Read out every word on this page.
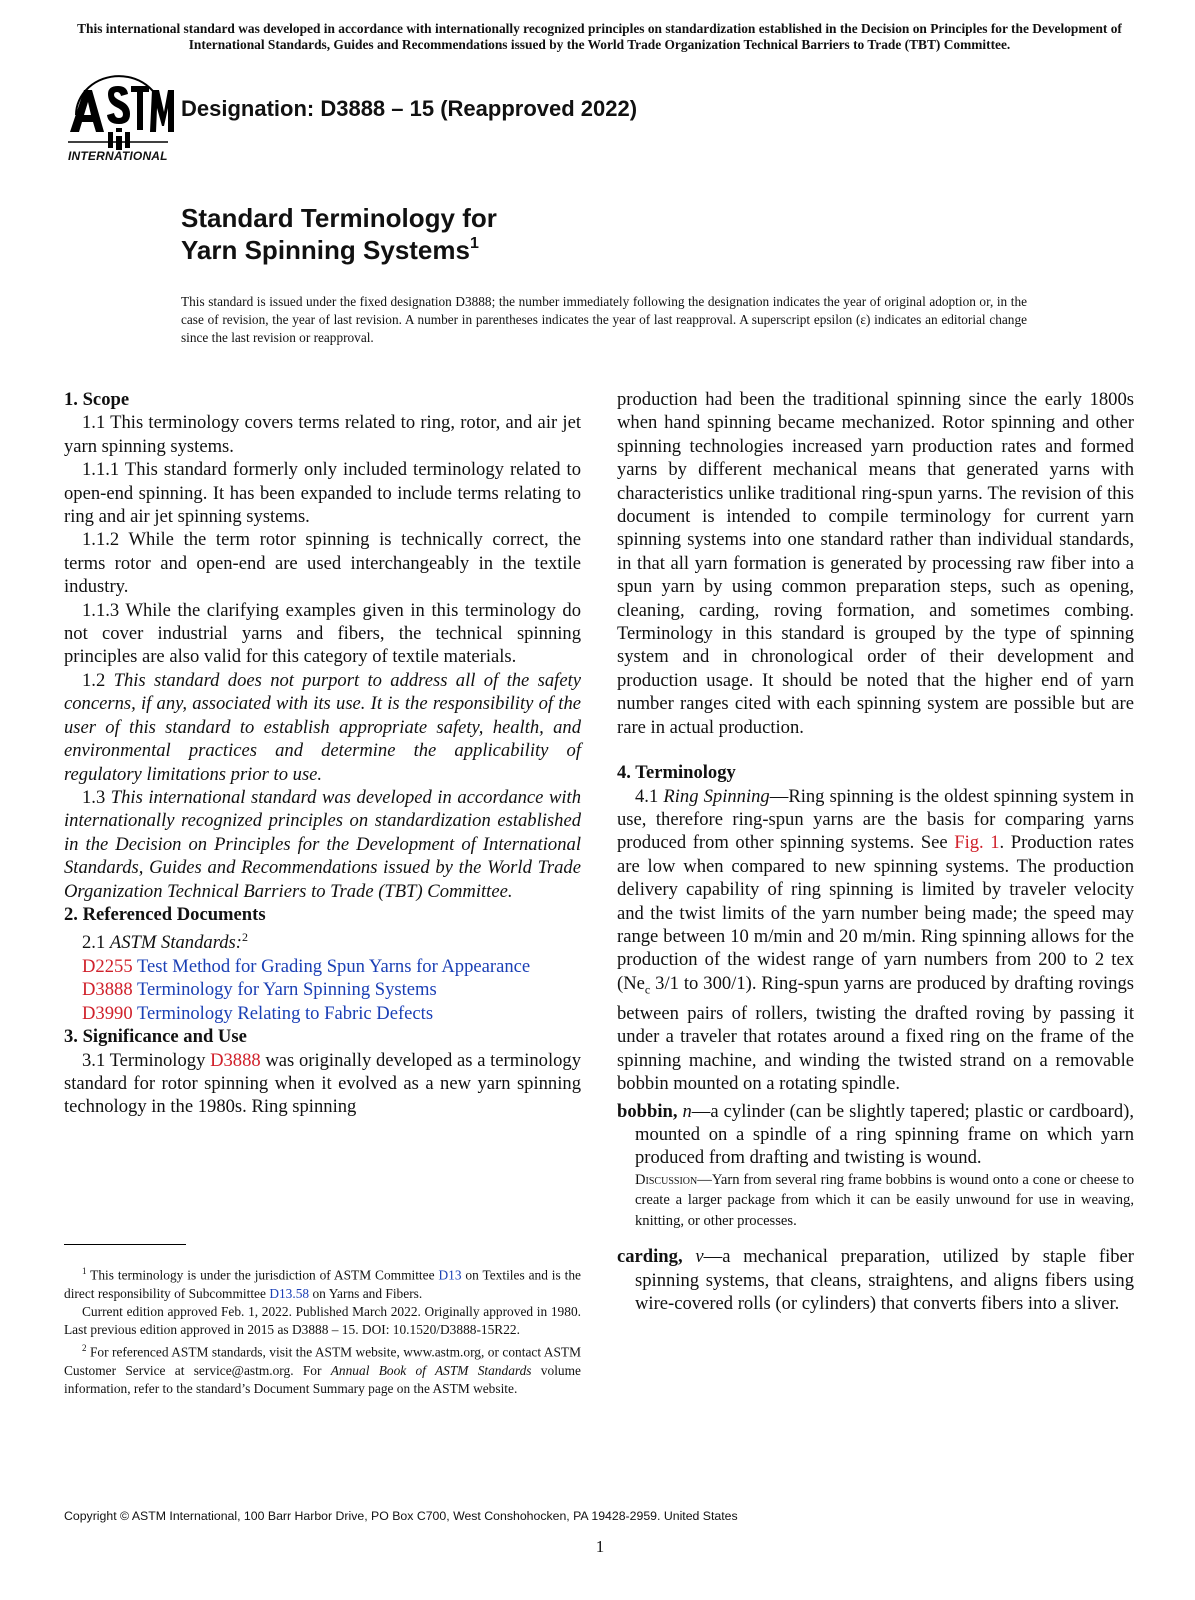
This international standard was developed in accordance with internationally recognized principles on standardization established in the Decision on Principles for the Development of International Standards, Guides and Recommendations issued by the World Trade Organization Technical Barriers to Trade (TBT) Committee.
INTERNATIONAL
Designation: D3888 – 15 (Reapproved 2022)
Standard Terminology for
Yarn Spinning Systems$^1$
This standard is issued under the fixed designation D3888; the number immediately following the designation indicates the year of original adoption or, in the case of revision, the year of last revision. A number in parentheses indicates the year of last reapproval. A superscript epsilon (ε) indicates an editorial change since the last revision or reapproval.

1. Scope

1.1 This terminology covers terms related to ring, rotor, and air jet yarn spinning systems.

1.1.1 This standard formerly only included terminology related to open-end spinning. It has been expanded to include terms relating to ring and air jet spinning systems.

1.1.2 While the term rotor spinning is technically correct, the terms rotor and open-end are used interchangeably in the textile industry.

1.1.3 While the clarifying examples given in this terminology do not cover industrial yarns and fibers, the technical spinning principles are also valid for this category of textile materials.

1.2 This standard does not purport to address all of the safety concerns, if any, associated with its use. It is the responsibility of the user of this standard to establish appropriate safety, health, and environmental practices and determine the applicability of regulatory limitations prior to use.

1.3 This international standard was developed in accordance with internationally recognized principles on standardization established in the Decision on Principles for the Development of International Standards, Guides and Recommendations issued by the World Trade Organization Technical Barriers to Trade (TBT) Committee.

2. Referenced Documents

2.1 ASTM Standards:$^2$

D2255 Test Method for Grading Spun Yarns for Appearance

D3888 Terminology for Yarn Spinning Systems

D3990 Terminology Relating to Fabric Defects

3. Significance and Use

3.1 Terminology D3888 was originally developed as a terminology standard for rotor spinning when it evolved as a new yarn spinning technology in the 1980s. Ring spinning

production had been the traditional spinning since the early 1800s when hand spinning became mechanized. Rotor spinning and other spinning technologies increased yarn production rates and formed yarns by different mechanical means that generated yarns with characteristics unlike traditional ring-spun yarns. The revision of this document is intended to compile terminology for current yarn spinning systems into one standard rather than individual standards, in that all yarn formation is generated by processing raw fiber into a spun yarn by using common preparation steps, such as opening, cleaning, carding, roving formation, and sometimes combing. Terminology in this standard is grouped by the type of spinning system and in chronological order of their development and production usage. It should be noted that the higher end of yarn number ranges cited with each spinning system are possible but are rare in actual production.

4. Terminology

4.1 Ring Spinning—Ring spinning is the oldest spinning system in use, therefore ring-spun yarns are the basis for comparing yarns produced from other spinning systems. See Fig. 1. Production rates are low when compared to new spinning systems. The production delivery capability of ring spinning is limited by traveler velocity and the twist limits of the yarn number being made; the speed may range between 10 m/min and 20 m/min. Ring spinning allows for the production of the widest range of yarn numbers from 200 to 2 tex ($Ne_c$ 3/1 to 300/1). Ring-spun yarns are produced by drafting rovings between pairs of rollers, twisting the drafted roving by passing it under a traveler that rotates around a fixed ring on the frame of the spinning machine, and winding the twisted strand on a removable bobbin mounted on a rotating spindle.

bobbin, n—a cylinder (can be slightly tapered; plastic or cardboard), mounted on a spindle of a ring spinning frame on which yarn produced from drafting and twisting is wound.

Discussion—Yarn from several ring frame bobbins is wound onto a cone or cheese to create a larger package from which it can be easily unwound for use in weaving, knitting, or other processes.

carding, v—a mechanical preparation, utilized by staple fiber spinning systems, that cleans, straightens, and aligns fibers using wire-covered rolls (or cylinders) that converts fibers into a sliver.

$^1$ This terminology is under the jurisdiction of ASTM Committee D13 on Textiles and is the direct responsibility of Subcommittee D13.58 on Yarns and Fibers.

Current edition approved Feb. 1, 2022. Published March 2022. Originally approved in 1980. Last previous edition approved in 2015 as D3888 – 15. DOI: 10.1520/D3888-15R22.

$^2$ For referenced ASTM standards, visit the ASTM website, www.astm.org, or contact ASTM Customer Service at service@astm.org. For Annual Book of ASTM Standards volume information, refer to the standard’s Document Summary page on the ASTM website.

Copyright © ASTM International, 100 Barr Harbor Drive, PO Box C700, West Conshohocken, PA 19428-2959. United States
1
